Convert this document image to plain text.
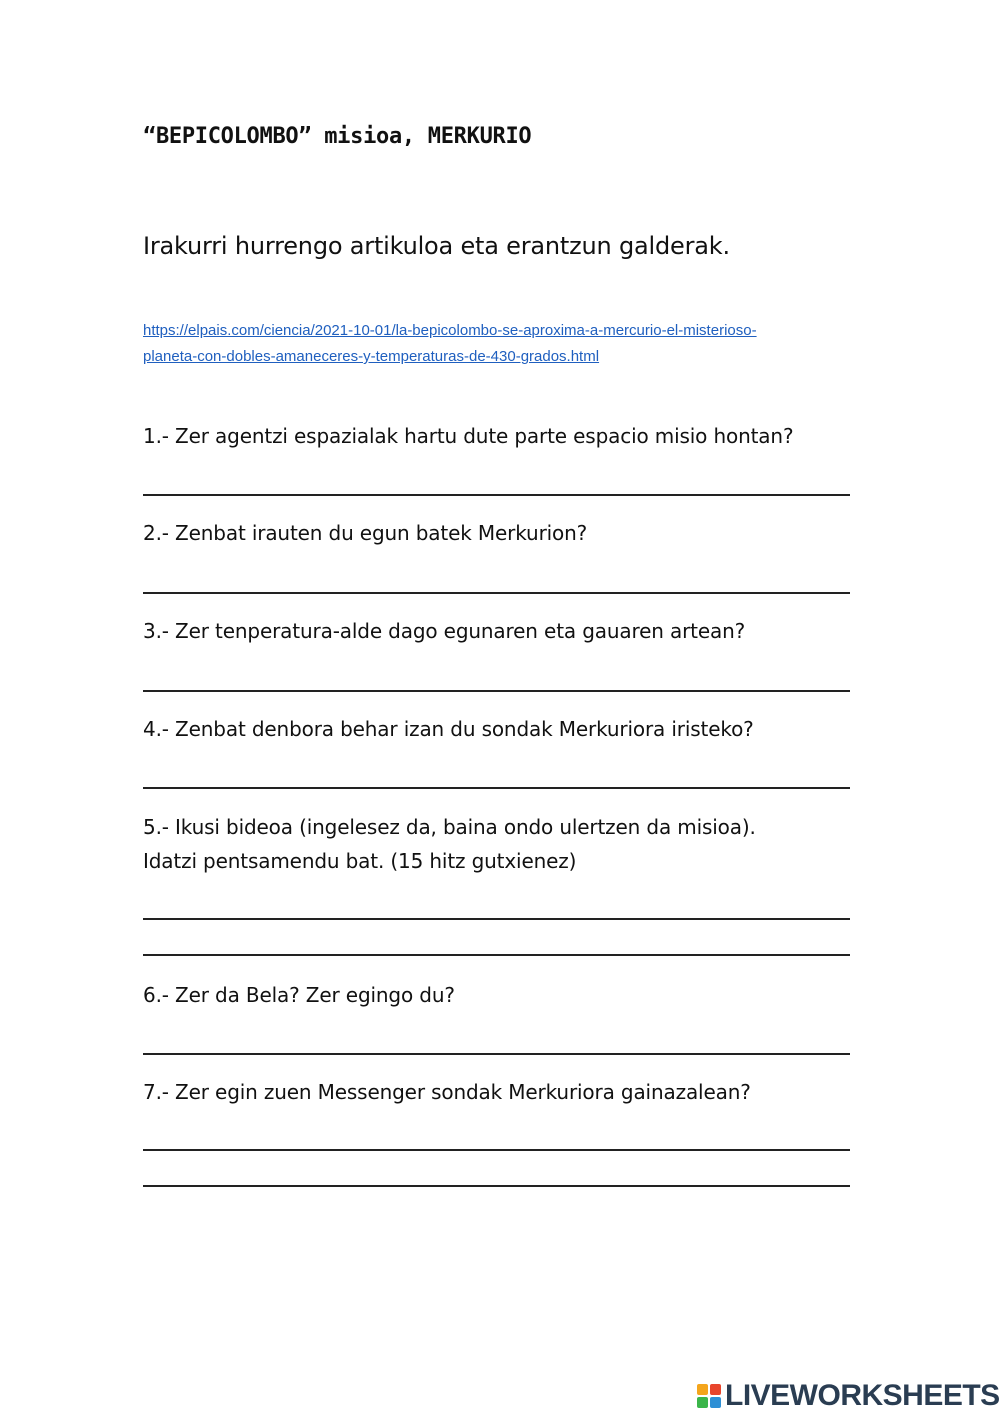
“BEPICOLOMBO” misioa, MERKURIO
Irakurri hurrengo artikuloa eta erantzun galderak.
https://elpais.com/ciencia/2021-10-01/la-bepicolombo-se-aproxima-a-mercurio-el-misterioso-
planeta-con-dobles-amaneceres-y-temperaturas-de-430-grados.html
1.- Zer agentzi espazialak hartu dute parte espacio misio hontan?
2.- Zenbat irauten du egun batek Merkurion?
3.- Zer tenperatura-alde dago egunaren eta gauaren artean?
4.- Zenbat denbora behar izan du sondak Merkuriora iristeko?
5.- Ikusi bideoa (ingelesez da, baina ondo ulertzen da misioa).
Idatzi pentsamendu bat. (15 hitz gutxienez)
6.- Zer da Bela? Zer egingo du?
7.- Zer egin zuen Messenger sondak Merkuriora gainazalean?
LIVEWORKSHEETS
